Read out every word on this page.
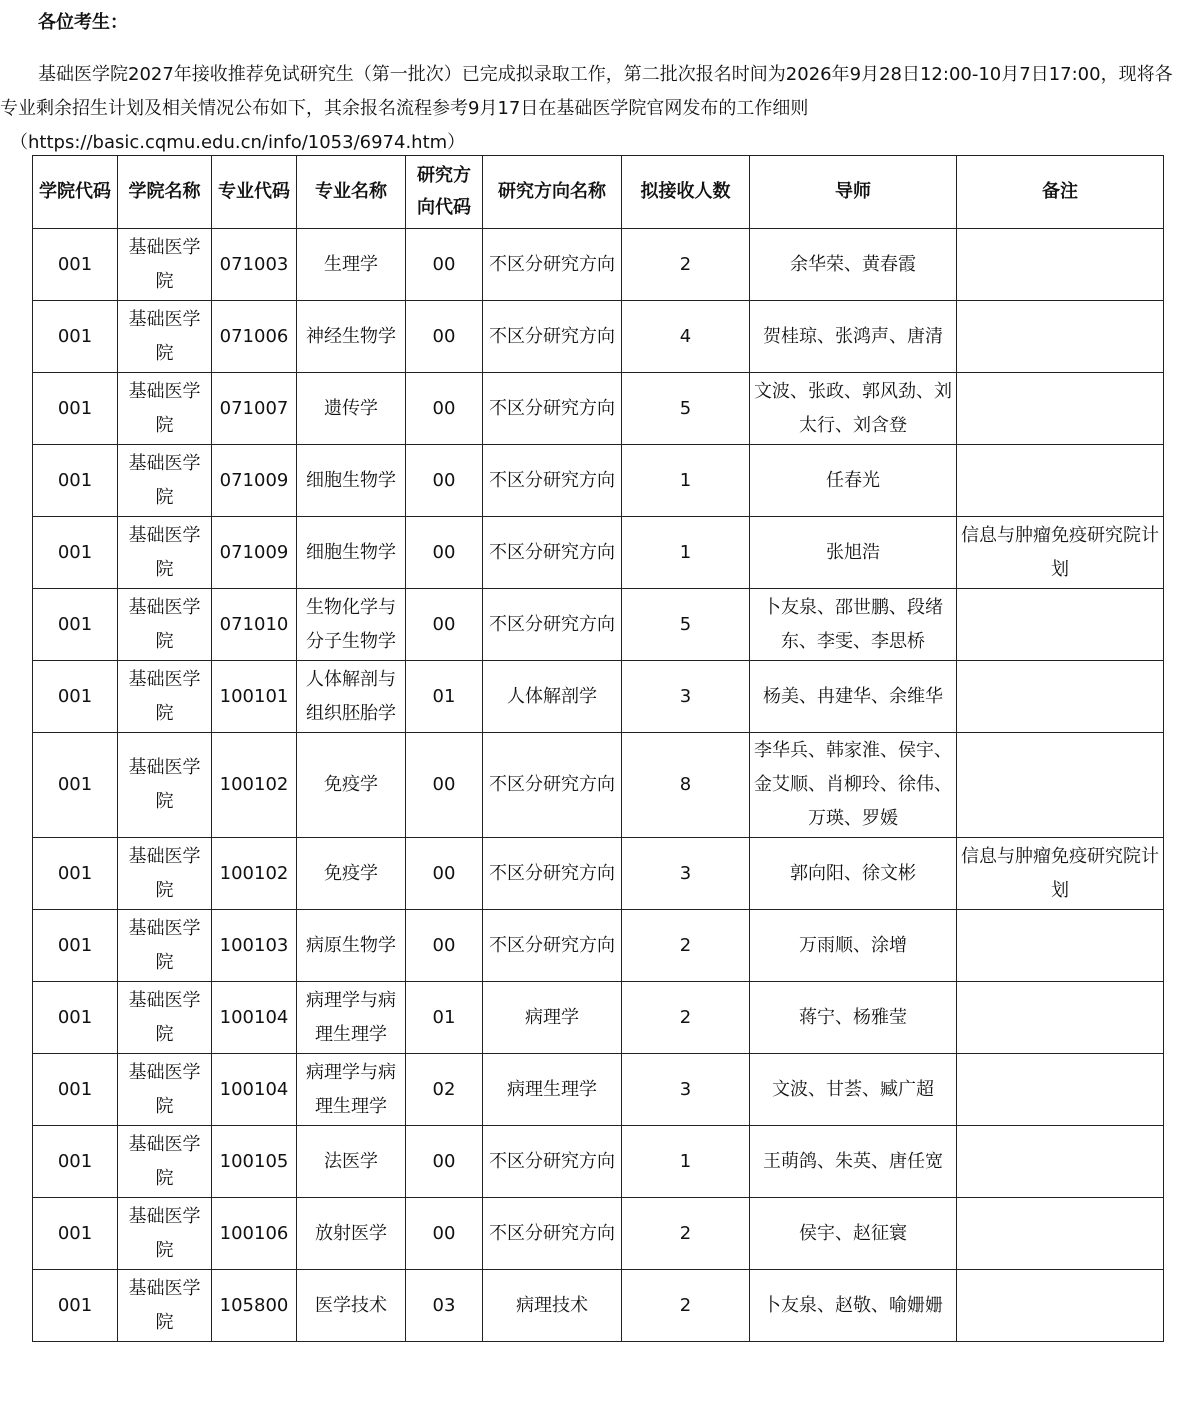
各位考生：
基础医学院2027年接收推荐免试研究生（第一批次）已完成拟录取工作，第二批次报名时间为2026年9月28日12:00-10月7日17:00，现将各
专业剩余招生计划及相关情况公布如下，其余报名流程参考9月17日在基础医学院官网发布的工作细则
（https://basic.cqmu.edu.cn/info/1053/6974.htm）
学院代码	学院名称	专业代码	专业名称	研究方向代码	研究方向名称	拟接收人数	导师	备注
001	基础医学院	071003	生理学	00	不区分研究方向	2	余华荣、黄春霞	
001	基础医学院	071006	神经生物学	00	不区分研究方向	4	贺桂琼、张鸿声、唐清	
001	基础医学院	071007	遗传学	00	不区分研究方向	5	文波、张政、郭风劲、刘太行、刘含登	
001	基础医学院	071009	细胞生物学	00	不区分研究方向	1	任春光	
001	基础医学院	071009	细胞生物学	00	不区分研究方向	1	张旭浩	信息与肿瘤免疫研究院计划
001	基础医学院	071010	生物化学与分子生物学	00	不区分研究方向	5	卜友泉、邵世鹏、段绪东、李雯、李思桥	
001	基础医学院	100101	人体解剖与组织胚胎学	01	人体解剖学	3	杨美、冉建华、余维华	
001	基础医学院	100102	免疫学	00	不区分研究方向	8	李华兵、韩家淮、侯宇、金艾顺、肖柳玲、徐伟、万瑛、罗媛	
001	基础医学院	100102	免疫学	00	不区分研究方向	3	郭向阳、徐文彬	信息与肿瘤免疫研究院计划
001	基础医学院	100103	病原生物学	00	不区分研究方向	2	万雨顺、涂增	
001	基础医学院	100104	病理学与病理生理学	01	病理学	2	蒋宁、杨雅莹	
001	基础医学院	100104	病理学与病理生理学	02	病理生理学	3	文波、甘荟、臧广超	
001	基础医学院	100105	法医学	00	不区分研究方向	1	王萌鸽、朱英、唐任宽	
001	基础医学院	100106	放射医学	00	不区分研究方向	2	侯宇、赵征寰	
001	基础医学院	105800	医学技术	03	病理技术	2	卜友泉、赵敬、喻姗姗	
